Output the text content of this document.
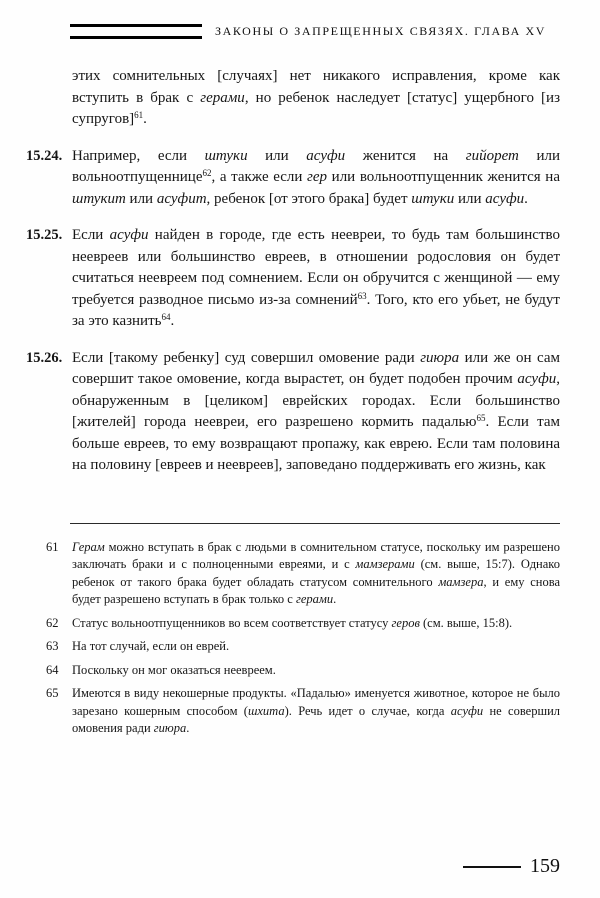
ЗАКОНЫ О ЗАПРЕЩЕННЫХ СВЯЗЯХ. ГЛАВА XV
этих сомнительных [случаях] нет никакого исправления, кроме как вступить в брак с герами, но ребенок наследует [статус] ущербного [из супругов]$^{61}$.
15.24. Например, если штуки или асуфи женится на гийорет или вольноотпущеннице$^{62}$, а также если гер или вольноотпущенник женится на штукит или асуфит, ребенок [от этого брака] будет штуки или асуфи.
15.25. Если асуфи найден в городе, где есть неевреи, то будь там большинство неевреев или большинство евреев, в отношении родословия он будет считаться неевреем под сомнением. Если он обручится с женщиной — ему требуется разводное письмо из-за сомнений$^{63}$. Того, кто его убьет, не будут за это казнить$^{64}$.
15.26. Если [такому ребенку] суд совершил омовение ради гиюра или же он сам совершит такое омовение, когда вырастет, он будет подобен прочим асуфи, обнаруженным в [целиком] еврейских городах. Если большинство [жителей] города неевреи, его разрешено кормить падалью$^{65}$. Если там больше евреев, то ему возвращают пропажу, как еврею. Если там половина на половину [евреев и неевреев], заповедано поддерживать его жизнь, как
61	Герам можно вступать в брак с людьми в сомнительном статусе, поскольку им разрешено заключать браки и с полноценными евреями, и с мамзерами (см. выше, 15:7). Однако ребенок от такого брака будет обладать статусом сомнительного мамзера, и ему снова будет разрешено вступать в брак только с герами.
62	Статус вольноотпущенников во всем соответствует статусу геров (см. выше, 15:8).
63	На тот случай, если он еврей.
64	Поскольку он мог оказаться неевреем.
65	Имеются в виду некошерные продукты. «Падалью» именуется животное, которое не было зарезано кошерным способом (шхита). Речь идет о случае, когда асуфи не совершил омовения ради гиюра.
159
